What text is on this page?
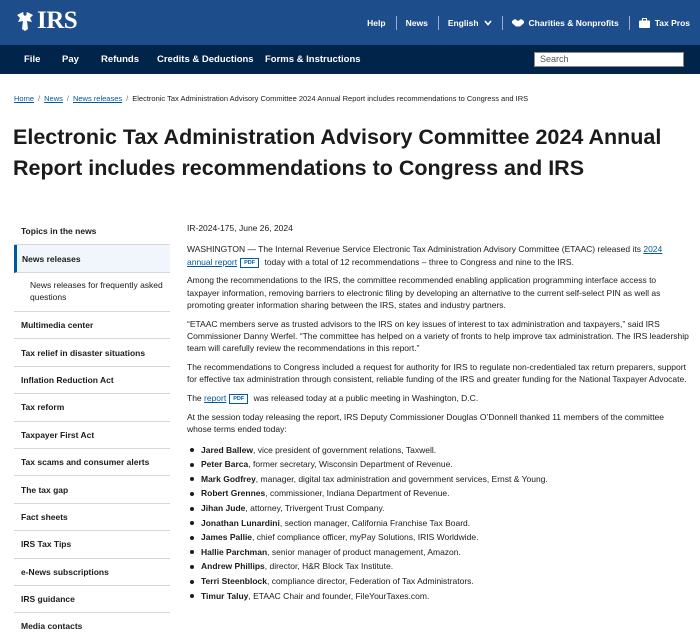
IRS	Help	News	English	Charities & Nonprofits	Tax Pros
File Pay Refunds Credits & Deductions Forms & Instructions	Search
Home / News / News releases / Electronic Tax Administration Advisory Committee 2024 Annual Report includes recommendations to Congress and IRS
Electronic Tax Administration Advisory Committee 2024 Annual Report includes recommendations to Congress and IRS
Topics in the news
News releases
News releases for frequently asked questions
Multimedia center
Tax relief in disaster situations
Inflation Reduction Act
Tax reform
Taxpayer First Act
Tax scams and consumer alerts
The tax gap
Fact sheets
IRS Tax Tips
e-News subscriptions
IRS guidance
Media contacts

IR-2024-175, June 26, 2024

WASHINGTON — The Internal Revenue Service Electronic Tax Administration Advisory Committee (ETAAC) released its 2024 annual report PDF today with a total of 12 recommendations – three to Congress and nine to the IRS.

Among the recommendations to the IRS, the committee recommended enabling application programming interface access to taxpayer information, removing barriers to electronic filing by developing an alternative to the current self-select PIN as well as promoting greater information sharing between the IRS, states and industry partners.

“ETAAC members serve as trusted advisors to the IRS on key issues of interest to tax administration and taxpayers,” said IRS Commissioner Danny Werfel. “The committee has helped on a variety of fronts to help improve tax administration. The IRS leadership team will carefully review the recommendations in this report.”

The recommendations to Congress included a request for authority for IRS to regulate non-credentialed tax return preparers, support for effective tax administration through consistent, reliable funding of the IRS and greater funding for the National Taxpayer Advocate.

The report PDF was released today at a public meeting in Washington, D.C.

At the session today releasing the report, IRS Deputy Commissioner Douglas O’Donnell thanked 11 members of the committee whose terms ended today:

Jared Ballew, vice president of government relations, Taxwell.
Peter Barca, former secretary, Wisconsin Department of Revenue.
Mark Godfrey, manager, digital tax administration and government services, Ernst & Young.
Robert Grennes, commissioner, Indiana Department of Revenue.
Jihan Jude, attorney, Trivergent Trust Company.
Jonathan Lunardini, section manager, California Franchise Tax Board.
James Pallie, chief compliance officer, myPay Solutions, IRIS Worldwide.
Hallie Parchman, senior manager of product management, Amazon.
Andrew Phillips, director, H&R Block Tax Institute.
Terri Steenblock, compliance director, Federation of Tax Administrators.
Timur Taluy, ETAAC Chair and founder, FileYourTaxes.com.
